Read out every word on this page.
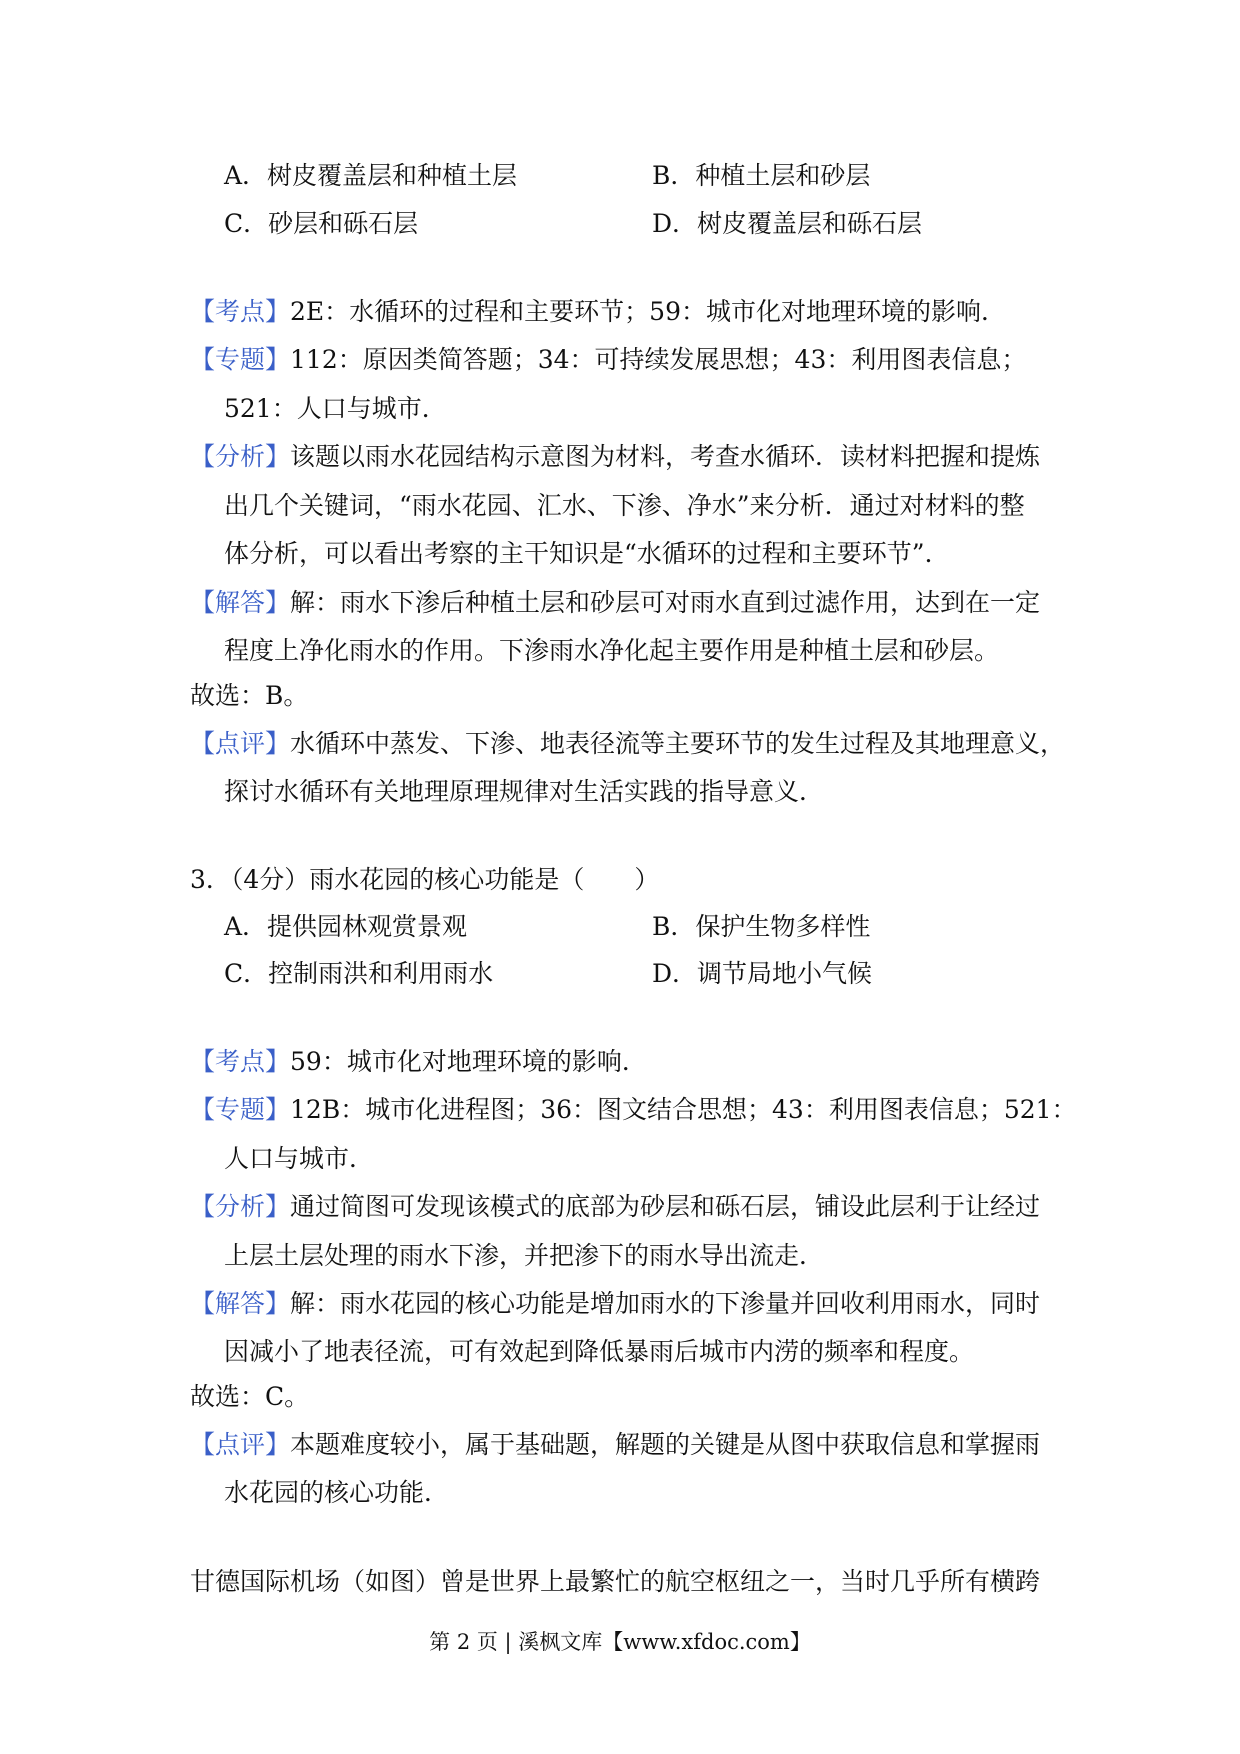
A．树皮覆盖层和种植土层	B．种植土层和砂层
C．砂层和砾石层	D．树皮覆盖层和砾石层
【考点】2E：水循环的过程和主要环节；59：城市化对地理环境的影响．
【专题】112：原因类简答题；34：可持续发展思想；43：利用图表信息；
521：人口与城市．
【分析】该题以雨水花园结构示意图为材料，考查水循环．读材料把握和提炼
出几个关键词，“雨水花园、汇水、下渗、净水”来分析．通过对材料的整
体分析，可以看出考察的主干知识是“水循环的过程和主要环节”．
【解答】解：雨水下渗后种植土层和砂层可对雨水直到过滤作用，达到在一定
程度上净化雨水的作用。下渗雨水净化起主要作用是种植土层和砂层。
故选：B。
【点评】水循环中蒸发、下渗、地表径流等主要环节的发生过程及其地理意义，
探讨水循环有关地理原理规律对生活实践的指导意义．
3．（4分）雨水花园的核心功能是（　　）
A．提供园林观赏景观	B．保护生物多样性
C．控制雨洪和利用雨水	D．调节局地小气候
【考点】59：城市化对地理环境的影响．
【专题】12B：城市化进程图；36：图文结合思想；43：利用图表信息；521：
人口与城市．
【分析】通过简图可发现该模式的底部为砂层和砾石层，铺设此层利于让经过
上层土层处理的雨水下渗，并把渗下的雨水导出流走．
【解答】解：雨水花园的核心功能是增加雨水的下渗量并回收利用雨水，同时
因减小了地表径流，可有效起到降低暴雨后城市内涝的频率和程度。
故选：C。
【点评】本题难度较小，属于基础题，解题的关键是从图中获取信息和掌握雨
水花园的核心功能．
甘德国际机场（如图）曾是世界上最繁忙的航空枢纽之一，当时几乎所有横跨
第 2 页 | 溪枫文库【www.xfdoc.com】
